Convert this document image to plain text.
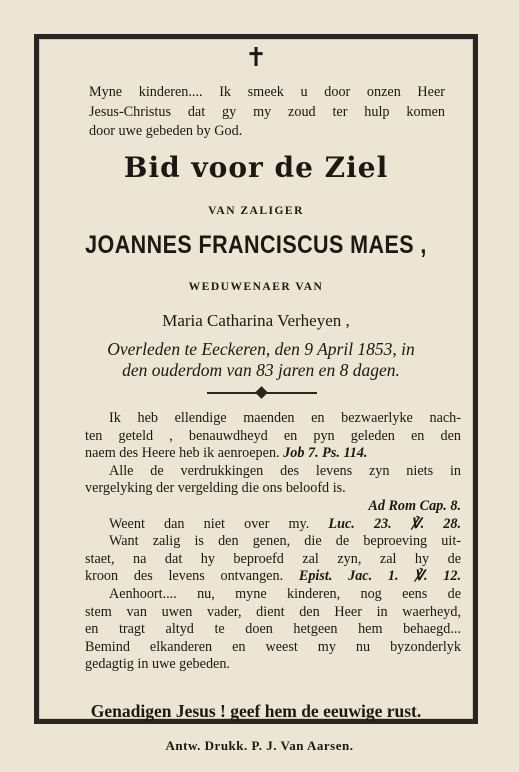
✝
Myne kinderen.... Ik smeek u door onzen Heer
Jesus-Christus dat gy my zoud ter hulp komen
door uwe gebeden by God.
Bid voor de Ziel
VAN ZALIGER
JOANNES FRANCISCUS MAES ,
WEDUWENAER VAN
Maria Catharina Verheyen ,
Overleden te Eeckeren, den 9 April 1853, in
den ouderdom van 83 jaren en 8 dagen.
Ik heb ellendige maenden en bezwaerlyke nach-
ten geteld , benauwdheyd en pyn geleden en den
naem des Heere heb ik aenroepen. Job 7. Ps. 114.
Alle de verdrukkingen des levens zyn niets in
vergelyking der vergelding die ons beloofd is.
Ad Rom Cap. 8.
Weent dan niet over my. Luc. 23. ℣. 28.
Want zalig is den genen, die de beproeving uit-
staet, na dat hy beproefd zal zyn, zal hy de
kroon des levens ontvangen. Epist. Jac. 1. ℣. 12.
Aenhoort.... nu, myne kinderen, nog eens de
stem van uwen vader, dient den Heer in waerheyd,
en tragt altyd te doen hetgeen hem behaegd...
Bemind elkanderen en weest my nu byzonderlyk
gedagtig in uwe gebeden.
Genadigen Jesus ! geef hem de eeuwige rust.
Antw. Drukk. P. J. Van Aarsen.
